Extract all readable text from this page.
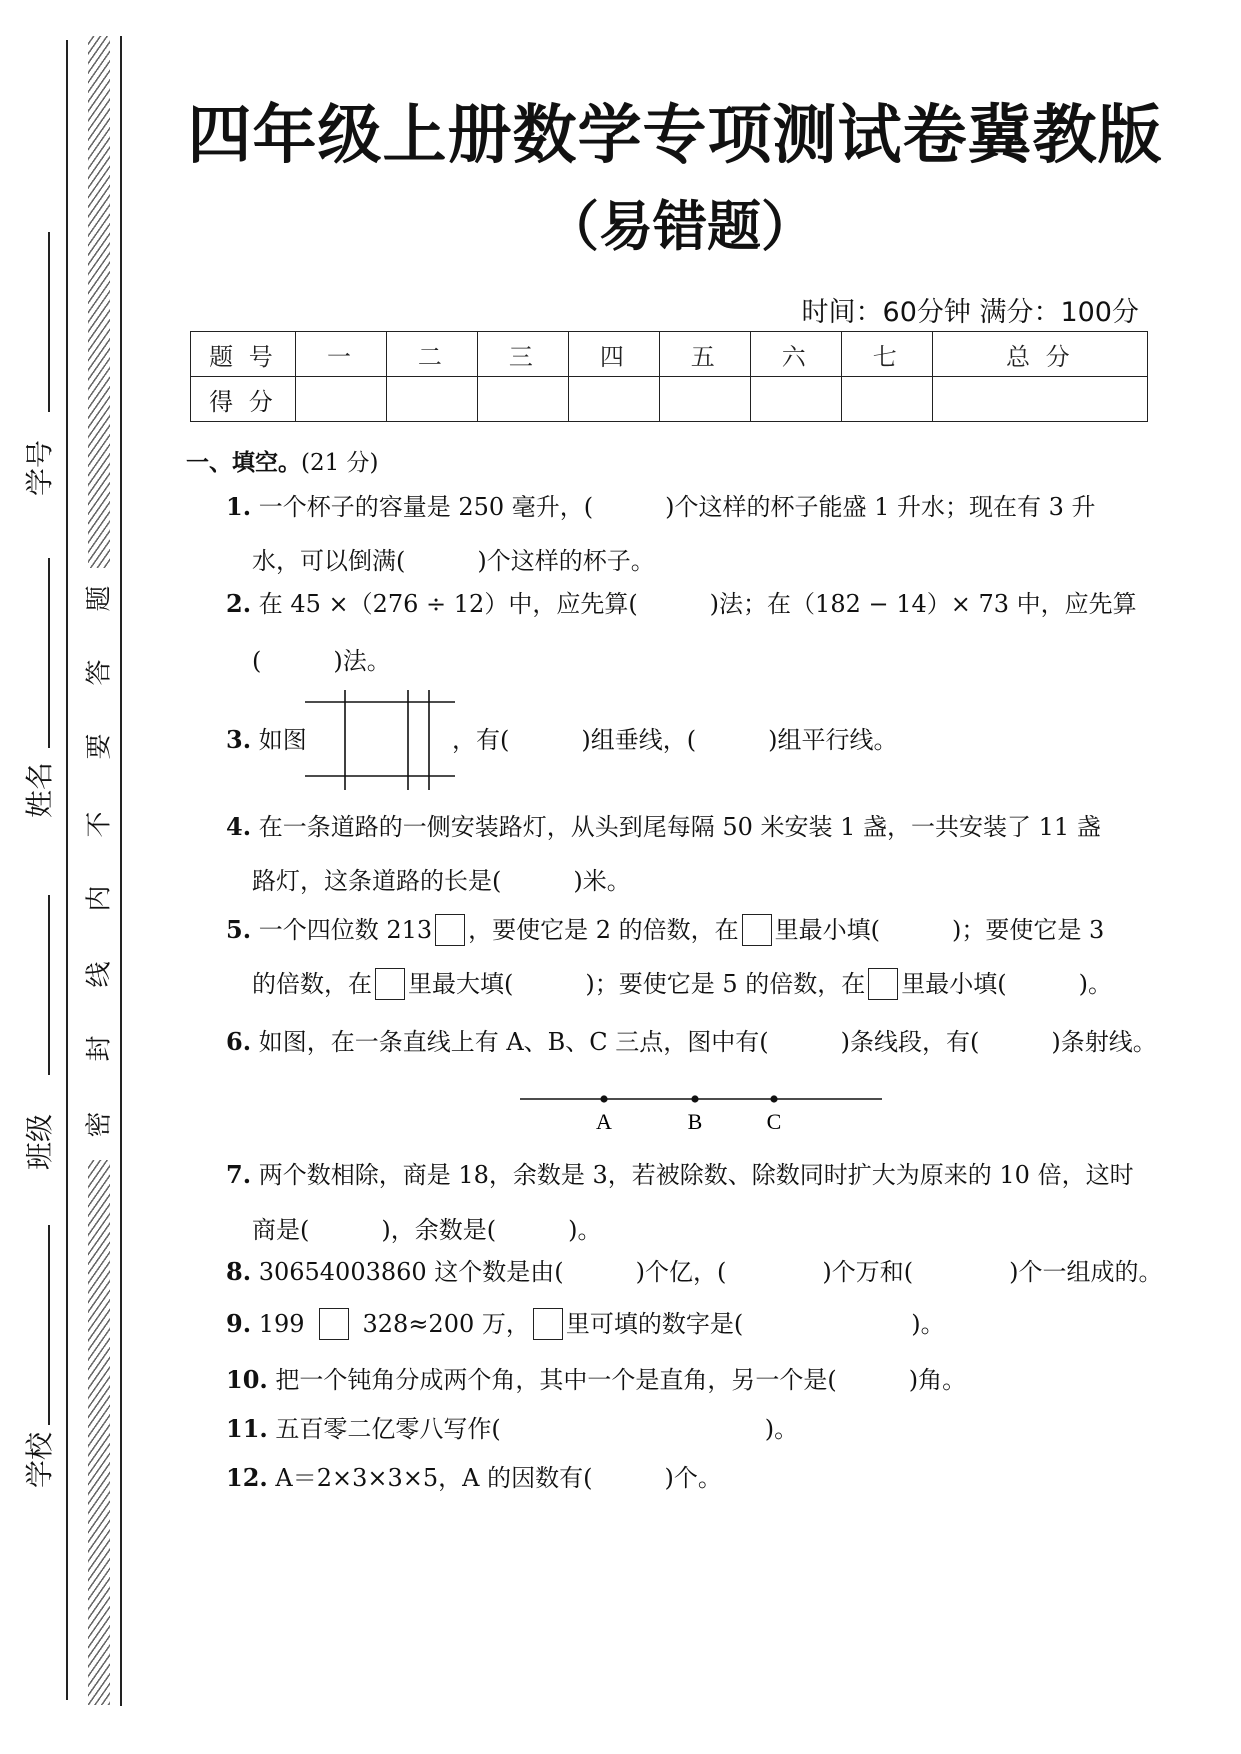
学号
姓名
班级
学校
题
答
要
不
内
线
封
密
四年级上册数学专项测试卷冀教版
（易错题）
时间：60分钟 满分：100分
题 号	一	二	三	四	五	六	七	总 分
得 分								
一、填空。(21 分)
1. 一个杯子的容量是 250 毫升，(　　　)个这样的杯子能盛 1 升水；现在有 3 升
水，可以倒满(　　　)个这样的杯子。
2. 在 45 ×（276 ÷ 12）中，应先算(　　　)法；在（182 − 14）× 73 中，应先算
(　　　)法。
3. 如图	，有(　　　)组垂线，(　　　)组平行线。
4. 在一条道路的一侧安装路灯，从头到尾每隔 50 米安装 1 盏，一共安装了 11 盏
路灯，这条道路的长是(　　　)米。
5. 一个四位数 213 ，要使它是 2 的倍数，在 里最小填(　　　)；要使它是 3
的倍数，在 里最大填(　　　)；要使它是 5 的倍数，在 里最小填(　　　)。
6. 如图，在一条直线上有 A、B、C 三点，图中有(　　　)条线段，有(　　　)条射线。
A	B	C
7. 两个数相除，商是 18，余数是 3，若被除数、除数同时扩大为原来的 10 倍，这时
商是(　　　)，余数是(　　　)。
8. 30654003860 这个数是由(　　　)个亿，(　　　　)个万和(　　　　)个一组成的。
9. 199 328≈200 万， 里可填的数字是(　　　　　　　)。
10. 把一个钝角分成两个角，其中一个是直角，另一个是(　　　)角。
11. 五百零二亿零八写作(　　　　　　　　　　　)。
12. A＝2×3×3×5，A 的因数有(　　　)个。
